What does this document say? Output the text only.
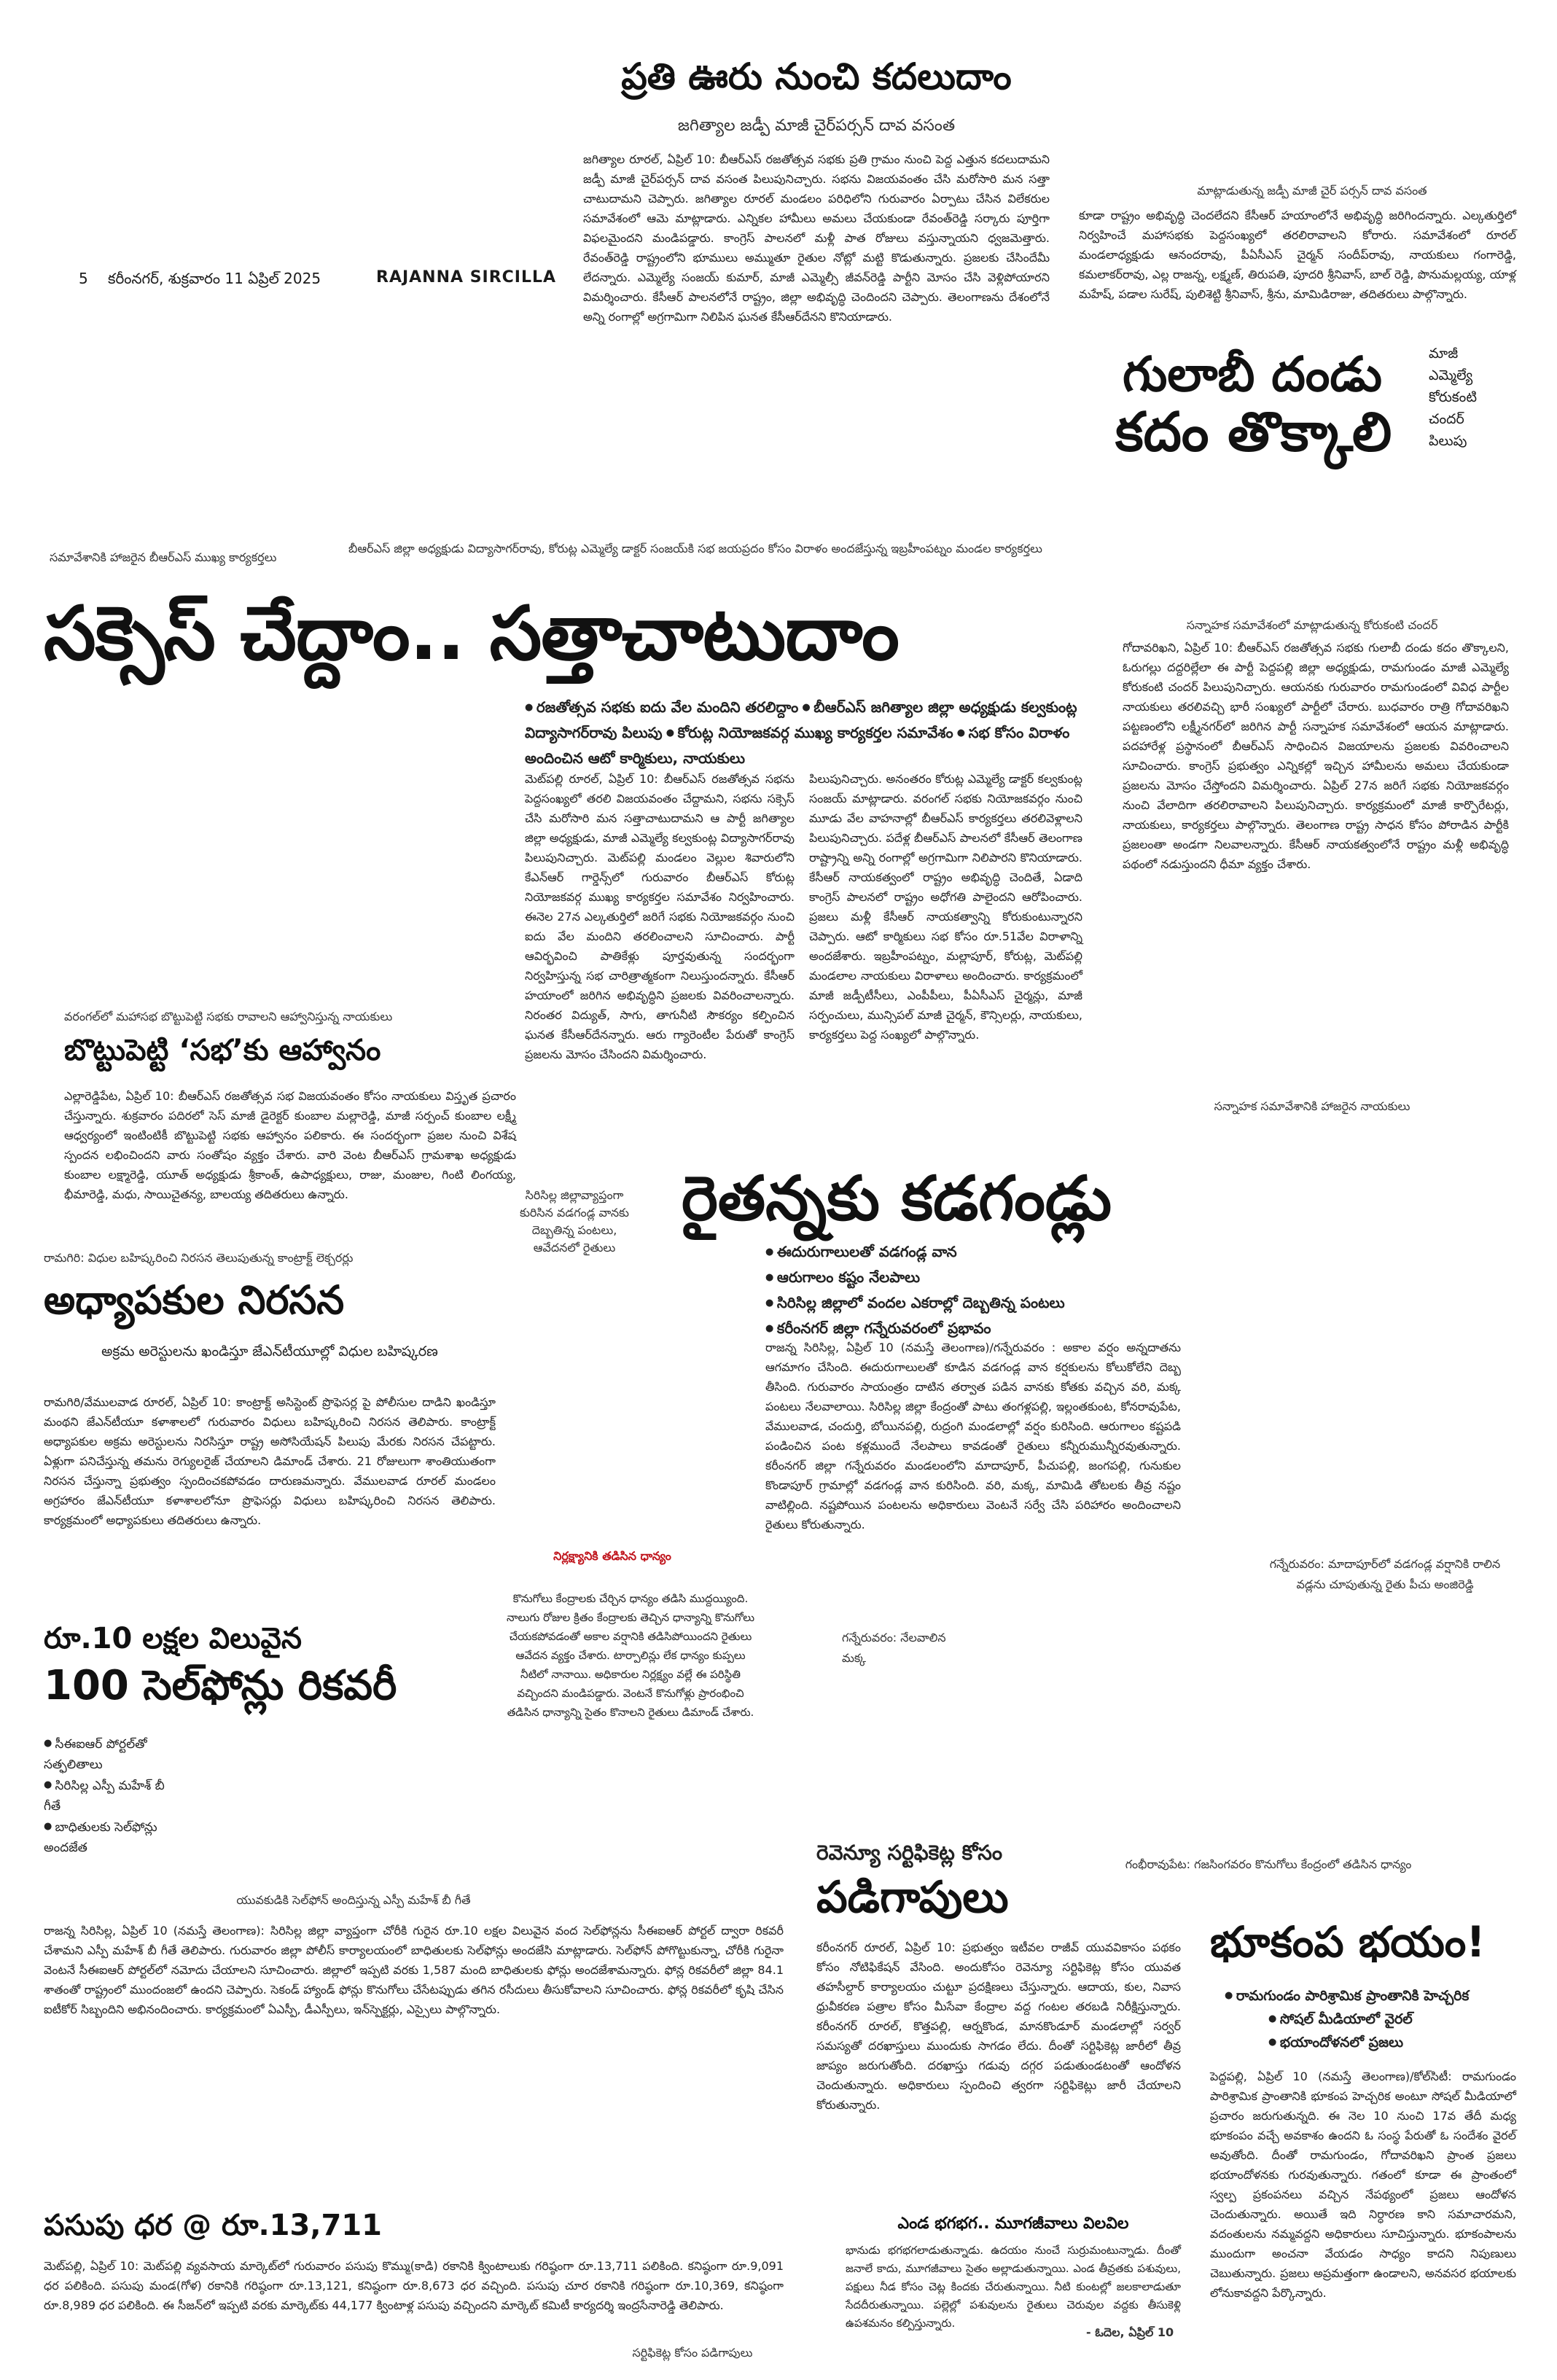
ప్రతి ఊరు నుంచి కదలుదాం
జగిత్యాల జడ్పీ మాజీ చైర్‌పర్సన్ దావ వసంత
5 కరీంనగర్, శుక్రవారం 11 ఏప్రిల్ 2025	RAJANNA SIRCILLA
జగిత్యాల రూరల్, ఏప్రిల్ 10: బీఆర్ఎస్ రజతోత్సవ సభకు ప్రతి గ్రామం నుంచి పెద్ద ఎత్తున కదలుదామని జడ్పీ మాజీ చైర్‌పర్సన్ దావ వసంత పిలుపునిచ్చారు. సభను విజయవంతం చేసి మరోసారి మన సత్తా చాటుదామని చెప్పారు. జగిత్యాల రూరల్ మండలం పరిధిలోని గురువారం ఏర్పాటు చేసిన విలేకరుల సమావేశంలో ఆమె మాట్లాడారు. ఎన్నికల హామీలు అమలు చేయకుండా రేవంత్‌రెడ్డి సర్కారు పూర్తిగా విఫలమైందని మండిపడ్డారు. కాంగ్రెస్ పాలనలో మళ్లీ పాత రోజులు వస్తున్నాయని ధ్వజమెత్తారు. రేవంత్‌రెడ్డి రాష్ట్రంలోని భూములు అమ్ముతూ రైతుల నోట్లో మట్టి కొడుతున్నారు. ప్రజలకు చేసిందేమీ లేదన్నారు. ఎమ్మెల్యే సంజయ్ కుమార్, మాజీ ఎమ్మెల్సీ జీవన్‌రెడ్డి పార్టీని మోసం చేసి వెళ్లిపోయారని విమర్శించారు. కేసీఆర్ పాలనలోనే రాష్ట్రం, జిల్లా అభివృద్ధి చెందిందని చెప్పారు. తెలంగాణను దేశంలోనే అన్ని రంగాల్లో అగ్రగామిగా నిలిపిన ఘనత కేసీఆర్‌దేనని కొనియాడారు.
మాట్లాడుతున్న జడ్పీ మాజీ చైర్ పర్సన్ దావ వసంత
కూడా రాష్ట్రం అభివృద్ధి చెందలేదని కేసీఆర్ హయాంలోనే అభివృద్ధి జరిగిందన్నారు. ఎల్కతుర్తిలో నిర్వహించే మహాసభకు పెద్దసంఖ్యలో తరలిరావాలని కోరారు. సమావేశంలో రూరల్ మండలాధ్యక్షుడు ఆనందరావు, పీఏసీఎస్ చైర్మన్ సందీప్‌రావు, నాయకులు గంగారెడ్డి, కమలాకర్‌రావు, ఎల్ల రాజన్న, లక్ష్మణ్, తిరుపతి, పూదరి శ్రీనివాస్, బాల్ రెడ్డి, పొనుమల్లయ్య, యాళ్ల మహేష్, పడాల సురేష్, పులిశెట్టి శ్రీనివాస్, శ్రీను, మామిడిరాజు, తదితరులు పాల్గొన్నారు.
గులాబీ దండు
కదం తొక్కాలి
మాజీ
ఎమ్మెల్యే
కోరుకంటి
చందర్
పిలుపు
సమావేశానికి హాజరైన బీఆర్ఎస్ ముఖ్య కార్యకర్తలు
బీఆర్ఎస్ జిల్లా అధ్యక్షుడు విద్యాసాగర్‌రావు, కోరుట్ల ఎమ్మెల్యే డాక్టర్ సంజయ్‌కి సభ జయప్రదం కోసం విరాళం అందజేస్తున్న ఇబ్రహీంపట్నం మండల కార్యకర్తలు
సక్సెస్ చేద్దాం.. సత్తాచాటుదాం
● రజతోత్సవ సభకు ఐదు వేల మందిని తరలిద్దాం ● బీఆర్ఎస్ జగిత్యాల జిల్లా అధ్యక్షుడు కల్వకుంట్ల విద్యాసాగర్‌రావు పిలుపు ● కోరుట్ల నియోజకవర్గ ముఖ్య కార్యకర్తల సమావేశం ● సభ కోసం విరాళం అందించిన ఆటో కార్మికులు, నాయకులు
మెట్‌పల్లి రూరల్, ఏప్రిల్ 10: బీఆర్ఎస్ రజతోత్సవ సభను పెద్దసంఖ్యలో తరలి విజయవంతం చేద్దామని, సభను సక్సెస్ చేసి మరోసారి మన సత్తాచాటుదామని ఆ పార్టీ జగిత్యాల జిల్లా అధ్యక్షుడు, మాజీ ఎమ్మెల్యే కల్వకుంట్ల విద్యాసాగర్‌రావు పిలుపునిచ్చారు. మెట్‌పల్లి మండలం వెల్లుల శివారులోని కేఎన్‌ఆర్ గార్డెన్స్‌లో గురువారం బీఆర్ఎస్ కోరుట్ల నియోజకవర్గ ముఖ్య కార్యకర్తల సమావేశం నిర్వహించారు. ఈనెల 27న ఎల్కతుర్తిలో జరిగే సభకు నియోజకవర్గం నుంచి ఐదు వేల మందిని తరలించాలని సూచించారు. పార్టీ ఆవిర్భవించి పాతికేళ్లు పూర్తవుతున్న సందర్భంగా నిర్వహిస్తున్న సభ చారిత్రాత్మకంగా నిలుస్తుందన్నారు. కేసీఆర్ హయాంలో జరిగిన అభివృద్ధిని ప్రజలకు వివరించాలన్నారు. నిరంతర విద్యుత్, సాగు, తాగునీటి సౌకర్యం కల్పించిన ఘనత కేసీఆర్‌దేనన్నారు. ఆరు గ్యారెంటీల పేరుతో కాంగ్రెస్ ప్రజలను మోసం చేసిందని విమర్శించారు.
పిలుపునిచ్చారు. అనంతరం కోరుట్ల ఎమ్మెల్యే డాక్టర్ కల్వకుంట్ల సంజయ్ మాట్లాడారు. వరంగల్ సభకు నియోజకవర్గం నుంచి మూడు వేల వాహనాల్లో బీఆర్ఎస్ కార్యకర్తలు తరలివెళ్లాలని పిలుపునిచ్చారు. పదేళ్ల బీఆర్ఎస్ పాలనలో కేసీఆర్ తెలంగాణ రాష్ట్రాన్ని అన్ని రంగాల్లో అగ్రగామిగా నిలిపారని కొనియాడారు. కేసీఆర్ నాయకత్వంలో రాష్ట్రం అభివృద్ధి చెందితే, ఏడాది కాంగ్రెస్ పాలనలో రాష్ట్రం అధోగతి పాలైందని ఆరోపించారు. ప్రజలు మళ్లీ కేసీఆర్ నాయకత్వాన్ని కోరుకుంటున్నారని చెప్పారు. ఆటో కార్మికులు సభ కోసం రూ.51వేల విరాళాన్ని అందజేశారు. ఇబ్రహీంపట్నం, మల్లాపూర్, కోరుట్ల, మెట్‌పల్లి మండలాల నాయకులు విరాళాలు అందించారు. కార్యక్రమంలో మాజీ జడ్పీటీసీలు, ఎంపీపీలు, పీఏసీఎస్ చైర్మన్లు, మాజీ సర్పంచులు, మున్సిపల్ మాజీ చైర్మన్, కౌన్సిలర్లు, నాయకులు, కార్యకర్తలు పెద్ద సంఖ్యలో పాల్గొన్నారు.
సన్నాహక సమావేశంలో మాట్లాడుతున్న కోరుకంటి చందర్
గోదావరిఖని, ఏప్రిల్ 10: బీఆర్ఎస్ రజతోత్సవ సభకు గులాబీ దండు కదం తొక్కాలని, ఓరుగల్లు దద్దరిల్లేలా ఈ పార్టీ పెద్దపల్లి జిల్లా అధ్యక్షుడు, రామగుండం మాజీ ఎమ్మెల్యే కోరుకంటి చందర్ పిలుపునిచ్చారు. ఆయనకు గురువారం రామగుండంలో వివిధ పార్టీల నాయకులు తరలివచ్చి భారీ సంఖ్యలో పార్టీలో చేరారు. బుధవారం రాత్రి గోదావరిఖని పట్టణంలోని లక్ష్మీనగర్‌లో జరిగిన పార్టీ సన్నాహక సమావేశంలో ఆయన మాట్లాడారు. పదహారేళ్ల ప్రస్థానంలో బీఆర్ఎస్ సాధించిన విజయాలను ప్రజలకు వివరించాలని సూచించారు. కాంగ్రెస్ ప్రభుత్వం ఎన్నికల్లో ఇచ్చిన హామీలను అమలు చేయకుండా ప్రజలను మోసం చేస్తోందని విమర్శించారు. ఏప్రిల్ 27న జరిగే సభకు నియోజకవర్గం నుంచి వేలాదిగా తరలిరావాలని పిలుపునిచ్చారు. కార్యక్రమంలో మాజీ కార్పొరేటర్లు, నాయకులు, కార్యకర్తలు పాల్గొన్నారు. తెలంగాణ రాష్ట్ర సాధన కోసం పోరాడిన పార్టీకి ప్రజలంతా అండగా నిలవాలన్నారు. కేసీఆర్ నాయకత్వంలోనే రాష్ట్రం మళ్లీ అభివృద్ధి పథంలో నడుస్తుందని ధీమా వ్యక్తం చేశారు.
సన్నాహక సమావేశానికి హాజరైన నాయకులు
వరంగల్‌లో మహాసభ బొట్టుపెట్టి సభకు రావాలని ఆహ్వానిస్తున్న నాయకులు
బొట్టుపెట్టి ‘సభ’కు ఆహ్వానం
ఎల్లారెడ్డిపేట, ఏప్రిల్ 10: బీఆర్ఎస్ రజతోత్సవ సభ విజయవంతం కోసం నాయకులు విస్తృత ప్రచారం చేస్తున్నారు. శుక్రవారం పదిరలో సెస్ మాజీ డైరెక్టర్ కుంబాల మల్లారెడ్డి, మాజీ సర్పంచ్ కుంబాల లక్ష్మీ ఆధ్వర్యంలో ఇంటింటికీ బొట్టుపెట్టి సభకు ఆహ్వానం పలికారు. ఈ సందర్భంగా ప్రజల నుంచి విశేష స్పందన లభించిందని వారు సంతోషం వ్యక్తం చేశారు. వారి వెంట బీఆర్ఎస్ గ్రామశాఖ అధ్యక్షుడు కుంబాల లక్ష్మారెడ్డి, యూత్ అధ్యక్షుడు శ్రీకాంత్, ఉపాధ్యక్షులు, రాజు, మంజుల, గింటి లింగయ్య, భీమారెడ్డి, మధు, సాయిచైతన్య, బాలయ్య తదితరులు ఉన్నారు.	సిరిసిల్ల జిల్లావ్యాప్తంగా కురిసిన వడగండ్ల వానకు దెబ్బతిన్న పంటలు, ఆవేదనలో రైతులు
రైతన్నకు కడగండ్లు
● ఈదురుగాలులతో వడగండ్ల వాన
● ఆరుగాలం కష్టం నేలపాలు
● సిరిసిల్ల జిల్లాలో వందల ఎకరాల్లో దెబ్బతిన్న పంటలు
● కరీంనగర్ జిల్లా గన్నేరువరంలో ప్రభావం
రాజన్న సిరిసిల్ల, ఏప్రిల్ 10 (నమస్తే తెలంగాణ)/గన్నేరువరం : అకాల వర్షం అన్నదాతను ఆగమాగం చేసింది. ఈదురుగాలులతో కూడిన వడగండ్ల వాన కర్షకులను కోలుకోలేని దెబ్బ తీసింది. గురువారం సాయంత్రం దాటిన తర్వాత పడిన వానకు కోతకు వచ్చిన వరి, మక్క పంటలు నేలవాలాయి. సిరిసిల్ల జిల్లా కేంద్రంతో పాటు తంగళ్లపల్లి, ఇల్లంతకుంట, కోనరావుపేట, వేములవాడ, చందుర్తి, బోయినపల్లి, రుద్రంగి మండలాల్లో వర్షం కురిసింది. ఆరుగాలం కష్టపడి పండించిన పంట కళ్లముందే నేలపాలు కావడంతో రైతులు కన్నీరుమున్నీరవుతున్నారు. కరీంనగర్ జిల్లా గన్నేరువరం మండలంలోని మాదాపూర్, పీచుపల్లి, జంగపల్లి, గునుకుల కొండాపూర్ గ్రామాల్లో వడగండ్ల వాన కురిసింది. వరి, మక్క, మామిడి తోటలకు తీవ్ర నష్టం వాటిల్లింది. నష్టపోయిన పంటలను అధికారులు వెంటనే సర్వే చేసి పరిహారం అందించాలని రైతులు కోరుతున్నారు.
నిర్లక్ష్యానికి తడిసిన ధాన్యం
కొనుగోలు కేంద్రాలకు చేర్చిన ధాన్యం తడిసి ముద్దయ్యింది. నాలుగు రోజుల క్రితం కేంద్రాలకు తెచ్చిన ధాన్యాన్ని కొనుగోలు చేయకపోవడంతో అకాల వర్షానికి తడిసిపోయిందని రైతులు ఆవేదన వ్యక్తం చేశారు. టార్పాలిన్లు లేక ధాన్యం కుప్పలు నీటిలో నానాయి. అధికారుల నిర్లక్ష్యం వల్లే ఈ పరిస్థితి వచ్చిందని మండిపడ్డారు. వెంటనే కొనుగోళ్లు ప్రారంభించి తడిసిన ధాన్యాన్ని సైతం కొనాలని రైతులు డిమాండ్ చేశారు.
గన్నేరువరం: నేలవాలిన మక్క
గన్నేరువరం: మాదాపూర్‌లో వడగండ్ల వర్షానికి రాలిన వడ్లను చూపుతున్న రైతు పీచు అంజిరెడ్డి
రామగిరి: విధుల బహిష్కరించి నిరసన తెలుపుతున్న కాంట్రాక్ట్ లెక్చరర్లు
అధ్యాపకుల నిరసన
అక్రమ అరెస్టులను ఖండిస్తూ జేఎన్‌టీయూల్లో విధుల బహిష్కరణ
రామగిరి/వేములవాడ రూరల్, ఏప్రిల్ 10: కాంట్రాక్ట్ అసిస్టెంట్ ప్రొఫెసర్ల పై పోలీసుల దాడిని ఖండిస్తూ మంథని జేఎన్‌టీయూ కళాశాలలో గురువారం విధులు బహిష్కరించి నిరసన తెలిపారు. కాంట్రాక్ట్ అధ్యాపకుల అక్రమ అరెస్టులను నిరసిస్తూ రాష్ట్ర అసోసియేషన్ పిలుపు మేరకు నిరసన చేపట్టారు. ఏళ్లుగా పనిచేస్తున్న తమను రెగ్యులరైజ్ చేయాలని డిమాండ్ చేశారు. 21 రోజులుగా శాంతియుతంగా నిరసన చేస్తున్నా ప్రభుత్వం స్పందించకపోవడం దారుణమన్నారు. వేములవాడ రూరల్ మండలం అగ్రహారం జేఎన్‌టీయూ కళాశాలలోనూ ప్రొఫెసర్లు విధులు బహిష్కరించి నిరసన తెలిపారు. కార్యక్రమంలో అధ్యాపకులు తదితరులు ఉన్నారు.
రూ.10 లక్షల విలువైన
100 సెల్‌ఫోన్లు రికవరీ
● సీఈఐఆర్ పోర్టల్‌తో సత్ఫలితాలు
● సిరిసిల్ల ఎస్పీ మహేశ్ బీ గీతే
● బాధితులకు సెల్‌ఫోన్లు అందజేత
యువకుడికి సెల్‌ఫోన్ అందిస్తున్న ఎస్పీ మహేశ్ బీ గీతే
రాజన్న సిరిసిల్ల, ఏప్రిల్ 10 (నమస్తే తెలంగాణ): సిరిసిల్ల జిల్లా వ్యాప్తంగా చోరీకి గురైన రూ.10 లక్షల విలువైన వంద సెల్‌ఫోన్లను సీఈఐఆర్ పోర్టల్ ద్వారా రికవరీ చేశామని ఎస్పీ మహేశ్ బీ గీతే తెలిపారు. గురువారం జిల్లా పోలీస్ కార్యాలయంలో బాధితులకు సెల్‌ఫోన్లు అందజేసి మాట్లాడారు. సెల్‌ఫోన్ పోగొట్టుకున్నా, చోరీకి గురైనా వెంటనే సీఈఐఆర్ పోర్టల్‌లో నమోదు చేయాలని సూచించారు. జిల్లాలో ఇప్పటి వరకు 1,587 మంది బాధితులకు ఫోన్లు అందజేశామన్నారు. ఫోన్ల రికవరీలో జిల్లా 84.1 శాతంతో రాష్ట్రంలో ముందంజలో ఉందని చెప్పారు. సెకండ్ హ్యాండ్ ఫోన్లు కొనుగోలు చేసేటప్పుడు తగిన రసీదులు తీసుకోవాలని సూచించారు. ఫోన్ల రికవరీలో కృషి చేసిన ఐటీకోర్ సిబ్బందిని అభినందించారు. కార్యక్రమంలో ఏఎస్పీ, డీఎస్పీలు, ఇన్‌స్పెక్టర్లు, ఎస్సైలు పాల్గొన్నారు.
పసుపు ధర @ రూ.13,711
మెట్‌పల్లి, ఏప్రిల్ 10: మెట్‌పల్లి వ్యవసాయ మార్కెట్‌లో గురువారం పసుపు కొమ్ము(కాడి) రకానికి క్వింటాలుకు గరిష్ఠంగా రూ.13,711 పలికింది. కనిష్ఠంగా రూ.9,091 ధర పలికింది. పసుపు మండ(గోళ) రకానికి గరిష్ఠంగా రూ.13,121, కనిష్ఠంగా రూ.8,673 ధర వచ్చింది. పసుపు చూర రకానికి గరిష్ఠంగా రూ.10,369, కనిష్ఠంగా రూ.8,989 ధర పలికింది. ఈ సీజన్‌లో ఇప్పటి వరకు మార్కెట్‌కు 44,177 క్వింటాళ్ల పసుపు వచ్చిందని మార్కెట్ కమిటీ కార్యదర్శి ఇంద్రసేనారెడ్డి తెలిపారు.
రెవెన్యూ సర్టిఫికెట్ల కోసం
పడిగాపులు
కరీంనగర్ రూరల్, ఏప్రిల్ 10: ప్రభుత్వం ఇటీవల రాజీవ్ యువవికాసం పథకం కోసం నోటిఫికేషన్ వేసింది. అందుకోసం రెవెన్యూ సర్టిఫికెట్ల కోసం యువత తహసీల్దార్ కార్యాలయం చుట్టూ ప్రదక్షిణలు చేస్తున్నారు. ఆదాయ, కుల, నివాస ధ్రువీకరణ పత్రాల కోసం మీసేవా కేంద్రాల వద్ద గంటల తరబడి నిరీక్షిస్తున్నారు. కరీంనగర్ రూరల్, కొత్తపల్లి, ఆర్నకొండ, మానకొండూర్ మండలాల్లో సర్వర్ సమస్యతో దరఖాస్తులు ముందుకు సాగడం లేదు. దీంతో సర్టిఫికెట్ల జారీలో తీవ్ర జాప్యం జరుగుతోంది. దరఖాస్తు గడువు దగ్గర పడుతుండటంతో ఆందోళన చెందుతున్నారు. అధికారులు స్పందించి త్వరగా సర్టిఫికెట్లు జారీ చేయాలని కోరుతున్నారు.
ఎండ భగభగ.. మూగజీవాలు విలవిల
భానుడు భగభగలాడుతున్నాడు. ఉదయం నుంచే సుర్రుమంటున్నాడు. దీంతో జనాలే కాదు, మూగజీవాలు సైతం అల్లాడుతున్నాయి. ఎండ తీవ్రతకు పశువులు, పక్షులు నీడ కోసం చెట్ల కిందకు చేరుతున్నాయి. నీటి కుంటల్లో జలకాలాడుతూ సేదదీరుతున్నాయి. పల్లెల్లో పశువులను రైతులు చెరువుల వద్దకు తీసుకెళ్లి ఉపశమనం కల్పిస్తున్నారు.
- ఓదెల, ఏప్రిల్ 10
సర్టిఫికెట్ల కోసం పడిగాపులు
గంభీరావుపేట: గజసింగవరం కొనుగోలు కేంద్రంలో తడిసిన ధాన్యం
భూకంప భయం!
● రామగుండం పారిశ్రామిక ప్రాంతానికి హెచ్చరిక
● సోషల్ మీడియాలో వైరల్
● భయాందోళనలో ప్రజలు
పెద్దపల్లి, ఏప్రిల్ 10 (నమస్తే తెలంగాణ)/కోల్‌సిటీ: రామగుండం పారిశ్రామిక ప్రాంతానికి భూకంప హెచ్చరిక అంటూ సోషల్ మీడియాలో ప్రచారం జరుగుతున్నది. ఈ నెల 10 నుంచి 17వ తేదీ మధ్య భూకంపం వచ్చే అవకాశం ఉందని ఓ సంస్థ పేరుతో ఓ సందేశం వైరల్ అవుతోంది. దీంతో రామగుండం, గోదావరిఖని ప్రాంత ప్రజలు భయాందోళనకు గురవుతున్నారు. గతంలో కూడా ఈ ప్రాంతంలో స్వల్ప ప్రకంపనలు వచ్చిన నేపథ్యంలో ప్రజలు ఆందోళన చెందుతున్నారు. అయితే ఇది నిర్ధారణ కాని సమాచారమని, వదంతులను నమ్మవద్దని అధికారులు సూచిస్తున్నారు. భూకంపాలను ముందుగా అంచనా వేయడం సాధ్యం కాదని నిపుణులు చెబుతున్నారు. ప్రజలు అప్రమత్తంగా ఉండాలని, అనవసర భయాలకు లోనుకావద్దని పేర్కొన్నారు.
